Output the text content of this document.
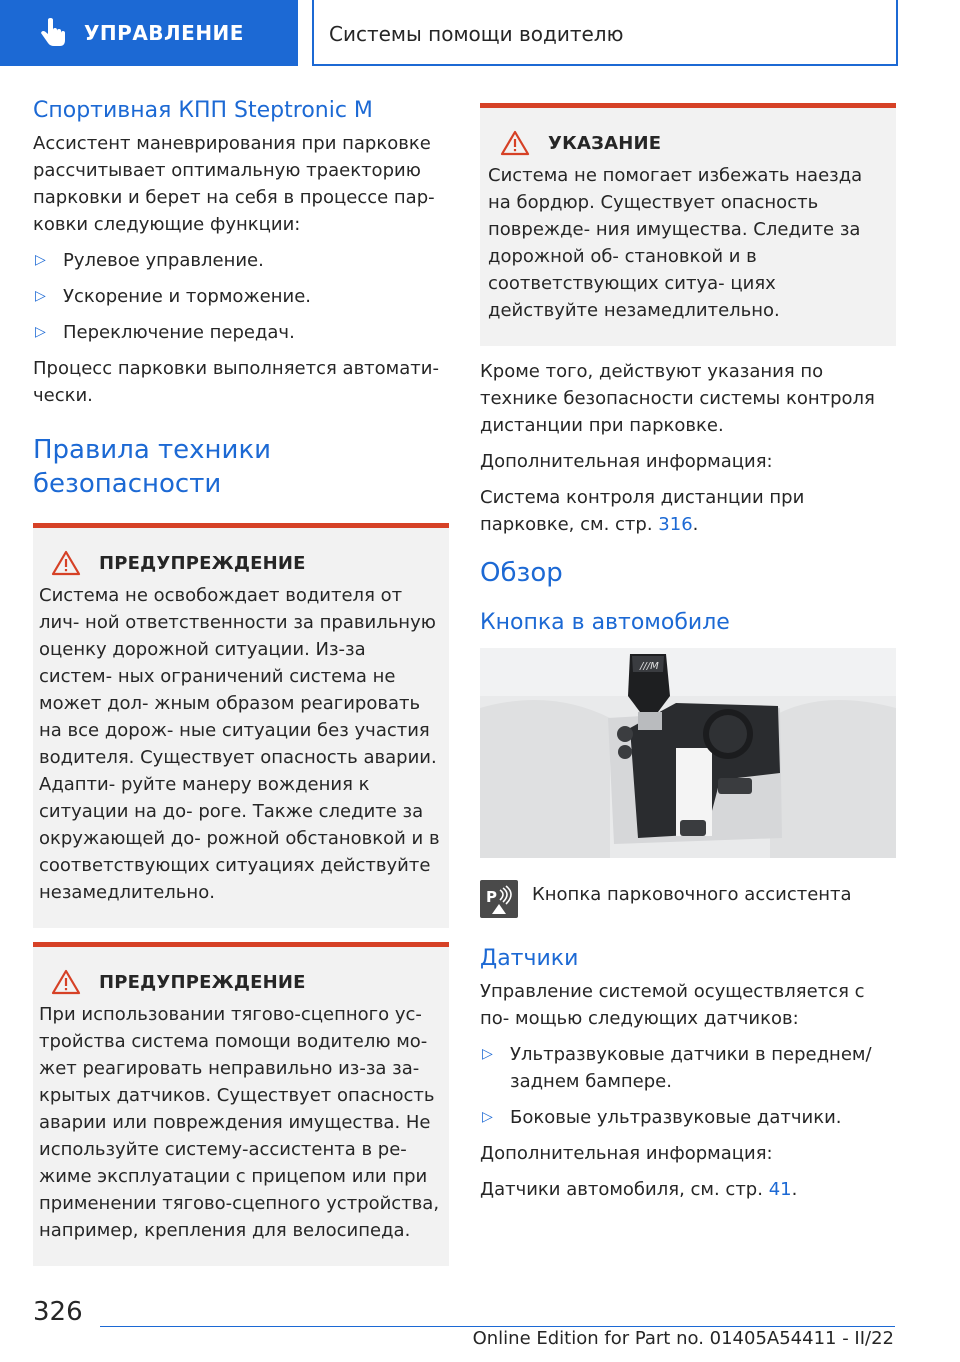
УПРАВЛЕНИЕ	Системы помощи водителю
Спортивная КПП Steptronic M

Ассистент маневрирования при парковке рассчитывает оптимальную траекторию парковки и берет на себя в процессе пар- ковки следующие функции:

▷ Рулевое управление.
▷ Ускорение и торможение.
▷ Переключение передач.

Процесс парковки выполняется автомати- чески.

Правила техники безопасности
ПРЕДУПРЕЖДЕНИЕ

Система не освобождает водителя от лич- ной ответственности за правильную оценку дорожной ситуации. Из-за систем- ных ограничений система не может дол- жным образом реагировать на все дорож- ные ситуации без участия водителя. Существует опасность аварии. Адапти- руйте манеру вождения к ситуации на до- роге. Также следите за окружающей до- рожной обстановкой и в соответствующих ситуациях действуйте незамедлительно.

ПРЕДУПРЕЖДЕНИЕ

При использовании тягово-сцепного ус- тройства система помощи водителю мо- жет реагировать неправильно из-за за- крытых датчиков. Существует опасность аварии или повреждения имущества. Не используйте систему-ассистента в ре- жиме эксплуатации с прицепом или при применении тягово-сцепного устройства, например, крепления для велосипеда.

УКАЗАНИЕ

Система не помогает избежать наезда на бордюр. Существует опасность поврежде- ния имущества. Следите за дорожной об- становкой и в соответствующих ситуа- циях действуйте незамедлительно.

Кроме того, действуют указания по технике безопасности системы контроля дистанции при парковке.

Дополнительная информация:

Система контроля дистанции при парковке, см. стр. 316.

Обзор
Кнопка в автомобиле
///M
P Кнопка парковочного ассистента

Датчики

Управление системой осуществляется с по- мощью следующих датчиков:

▷ Ультразвуковые датчики в переднем/ заднем бампере.
▷ Боковые ультразвуковые датчики.

Дополнительная информация:

Датчики автомобиля, см. стр. 41.

326
Online Edition for Part no. 01405A54411 - II/22
